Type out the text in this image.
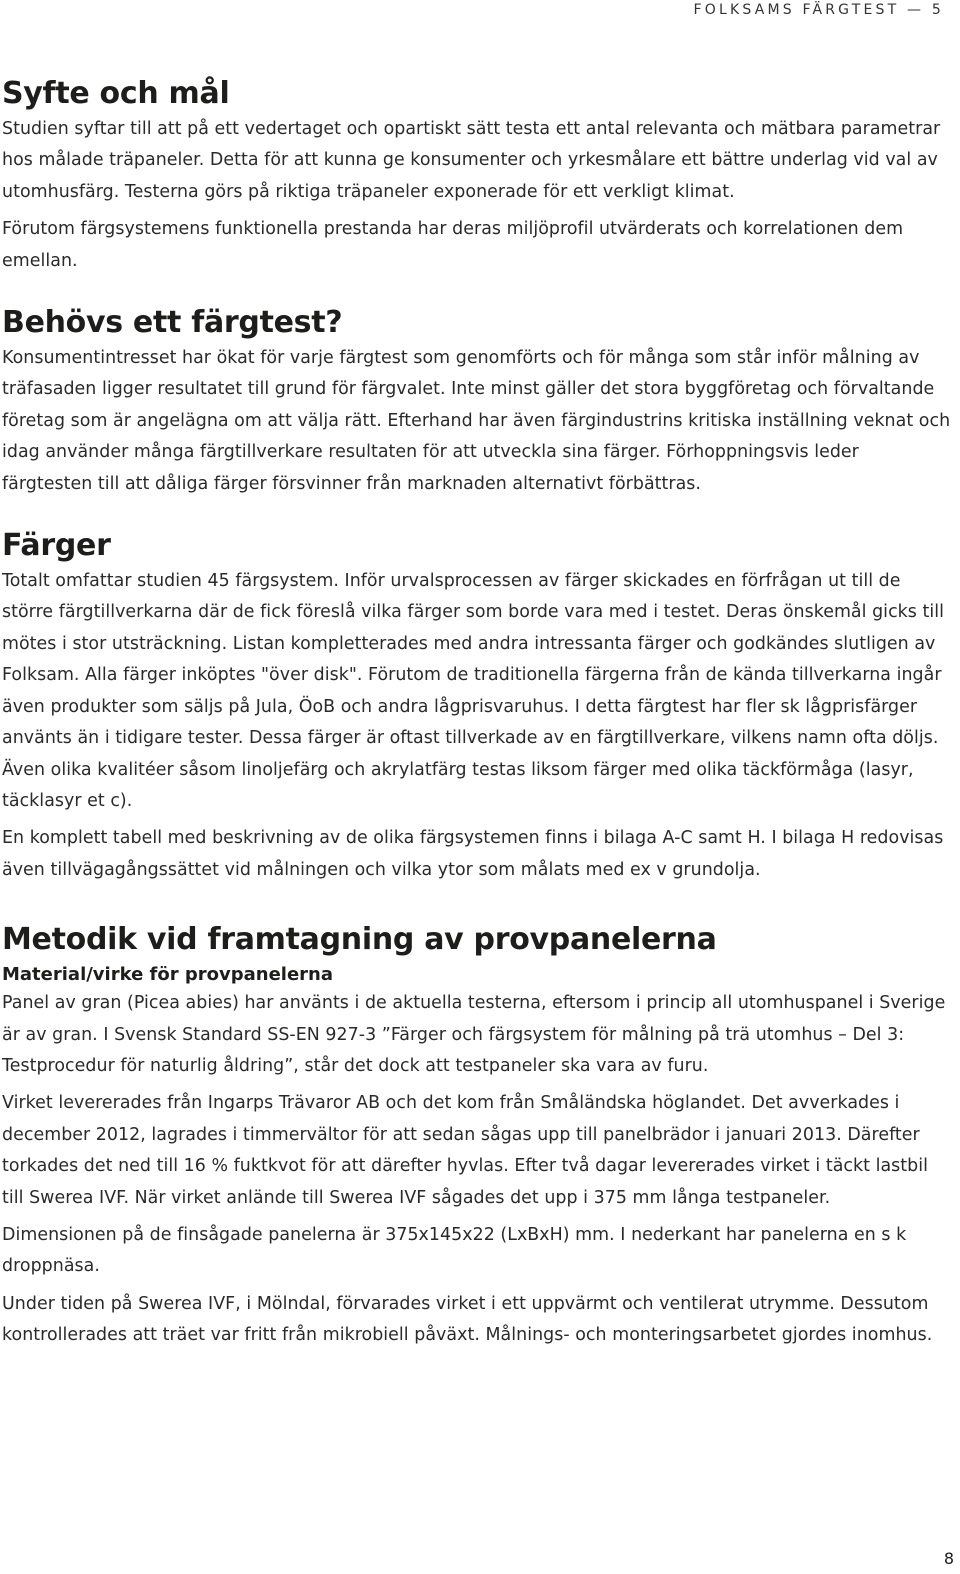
FOLKSAMS FÄRGTEST — 5
Syfte och mål

Studien syftar till att på ett vedertaget och opartiskt sätt testa ett antal relevanta och mätbara parametrar hos målade träpaneler. Detta för att kunna ge konsumenter och yrkesmålare ett bättre underlag vid val av utomhusfärg. Testerna görs på riktiga träpaneler exponerade för ett verkligt klimat.

Förutom färgsystemens funktionella prestanda har deras miljöprofil utvärderats och korrelationen dem emellan.

Behövs ett färgtest?

Konsumentintresset har ökat för varje färgtest som genomförts och för många som står inför målning av träfasaden ligger resultatet till grund för färgvalet. Inte minst gäller det stora byggföretag och förvaltande företag som är angelägna om att välja rätt. Efterhand har även färgindustrins kritiska inställning veknat och idag använder många färgtillverkare resultaten för att utveckla sina färger. Förhoppningsvis leder färgtesten till att dåliga färger försvinner från marknaden alternativt förbättras.

Färger

Totalt omfattar studien 45 färgsystem. Inför urvalsprocessen av färger skickades en förfrågan ut till de större färgtillverkarna där de fick föreslå vilka färger som borde vara med i testet. Deras önskemål gicks till mötes i stor utsträckning. Listan kompletterades med andra intressanta färger och godkändes slutligen av Folksam. Alla färger inköptes "över disk". Förutom de traditionella färgerna från de kända tillverkarna ingår även produkter som säljs på Jula, ÖoB och andra lågprisvaruhus. I detta färgtest har fler sk lågprisfärger använts än i tidigare tester. Dessa färger är oftast tillverkade av en färgtillverkare, vilkens namn ofta döljs. Även olika kvalitéer såsom linoljefärg och akrylatfärg testas liksom färger med olika täckförmåga (lasyr, täcklasyr et c).

En komplett tabell med beskrivning av de olika färgsystemen finns i bilaga A-C samt H. I bilaga H redovisas även tillvägagångssättet vid målningen och vilka ytor som målats med ex v grundolja.

Metodik vid framtagning av provpanelerna
Material/virke för provpanelerna

Panel av gran (Picea abies) har använts i de aktuella testerna, eftersom i princip all utomhuspanel i Sverige är av gran. I Svensk Standard SS-EN 927-3 ”Färger och färgsystem för målning på trä utomhus – Del 3: Testprocedur för naturlig åldring”, står det dock att testpaneler ska vara av furu.

Virket levererades från Ingarps Trävaror AB och det kom från Småländska höglandet. Det avverkades i december 2012, lagrades i timmervältor för att sedan sågas upp till panelbrädor i januari 2013. Därefter torkades det ned till 16 % fuktkvot för att därefter hyvlas. Efter två dagar levererades virket i täckt lastbil till Swerea IVF. När virket anlände till Swerea IVF sågades det upp i 375 mm långa testpaneler.

Dimensionen på de finsågade panelerna är 375x145x22 (LxBxH) mm. I nederkant har panelerna en s k droppnäsa.

Under tiden på Swerea IVF, i Mölndal, förvarades virket i ett uppvärmt och ventilerat utrymme. Dessutom kontrollerades att träet var fritt från mikrobiell påväxt. Målnings- och monteringsarbetet gjordes inomhus.

8
